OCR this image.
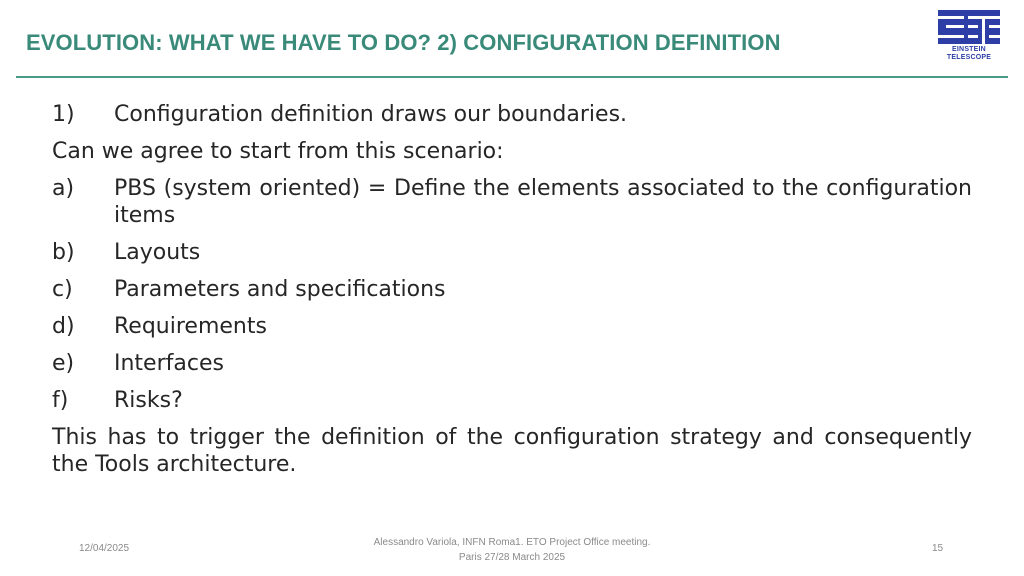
EVOLUTION: WHAT WE HAVE TO DO? 2) CONFIGURATION DEFINITION	EINSTEIN
TELESCOPE
1)	Configuration definition draws our boundaries.
Can we agree to start from this scenario:
a)	PBS (system oriented) = Define the elements associated to the configuration items
b)	Layouts
c)	Parameters and specifications
d)	Requirements
e)	Interfaces
f)	Risks?
This has to trigger the definition of the configuration strategy and consequently the Tools architecture.
12/04/2025
Alessandro Variola, INFN Roma1. ETO Project Office meeting.
Paris 27/28 March 2025
15
